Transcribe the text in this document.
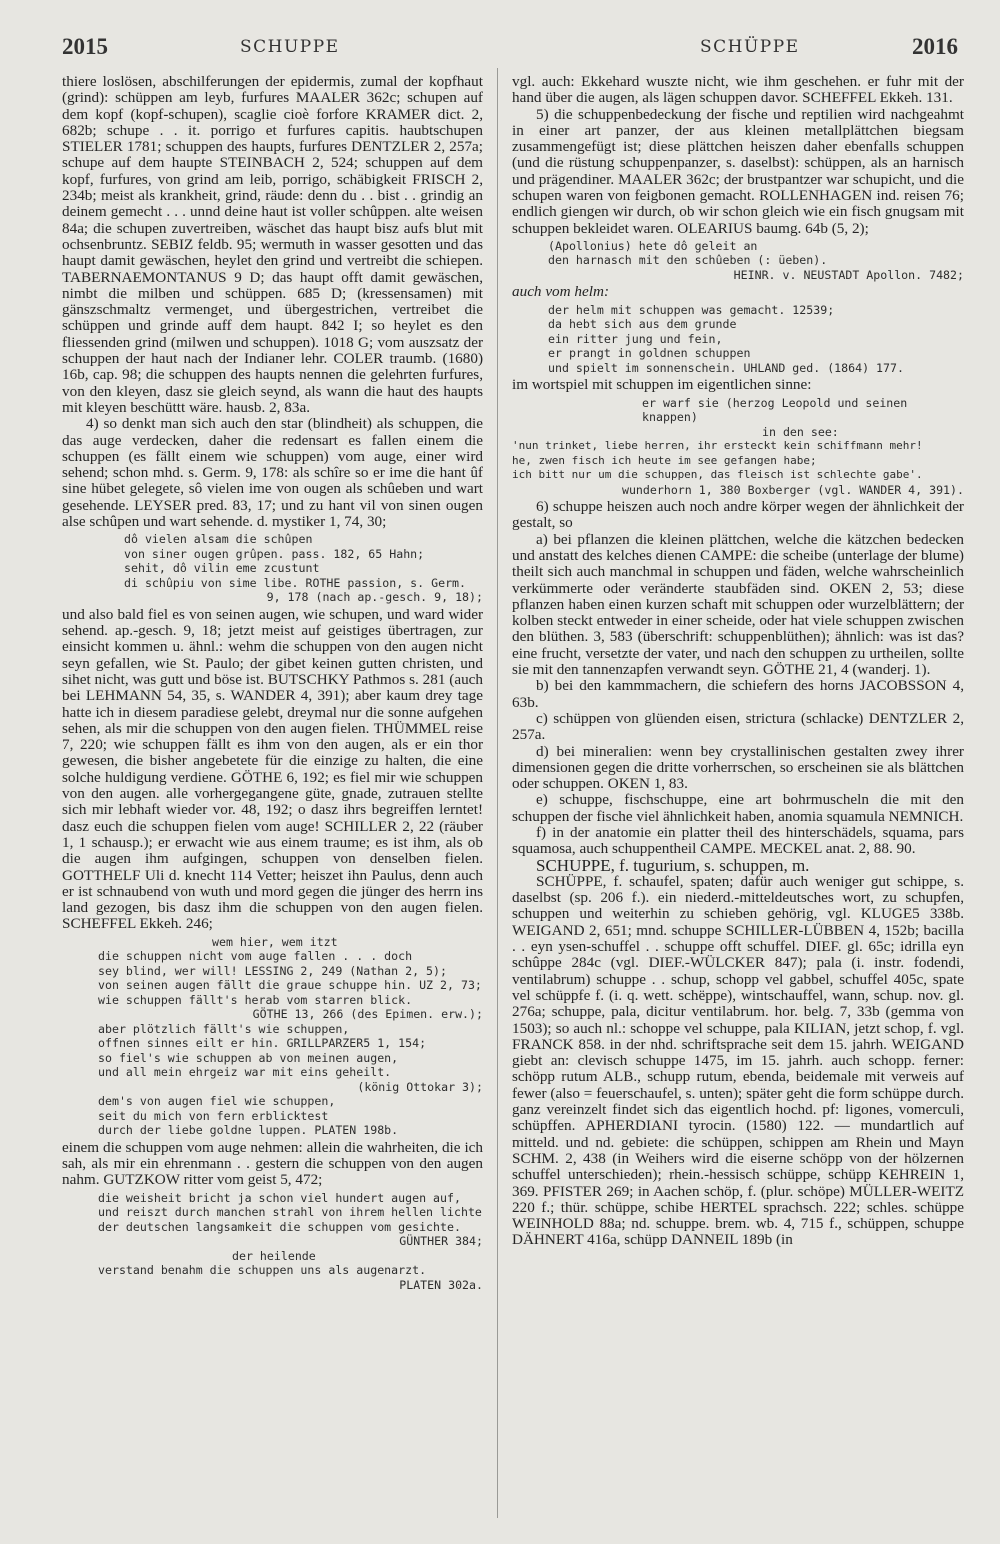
2015	SCHUPPE	SCHÜPPE	2016

thiere loslösen, abschilferungen der epidermis, zumal der kopfhaut (grind): schüppen am leyb, furfures MAALER 362c; schupen auf dem kopf (kopf-schupen), scaglie cioè forfore KRAMER dict. 2, 682b; schupe . . it. porrigo et furfures capitis. haubtschupen STIELER 1781; schuppen des haupts, furfures DENTZLER 2, 257a; schupe auf dem haupte STEINBACH 2, 524; schuppen auf dem kopf, furfures, von grind am leib, porrigo, schäbigkeit FRISCH 2, 234b; meist als krankheit, grind, räude: denn du . . bist . . grindig an deinem gemecht . . . unnd deine haut ist voller schûppen. alte weisen 84a; die schupen zuvertreiben, wäschet das haupt bisz aufs blut mit ochsenbruntz. SEBIZ feldb. 95; wermuth in wasser gesotten und das haupt damit gewäschen, heylet den grind und vertreibt die schiepen. TABERNAEMONTANUS 9 D; das haupt offt damit gewäschen, nimbt die milben und schüppen. 685 D; (kressensamen) mit gänszschmaltz vermenget, und übergestrichen, vertreibet die schüppen und grinde auff dem haupt. 842 I; so heylet es den fliessenden grind (milwen und schuppen). 1018 G; vom auszsatz der schuppen der haut nach der Indianer lehr. COLER traumb. (1680) 16b, cap. 98; die schuppen des haupts nennen die gelehrten furfures, von den kleyen, dasz sie gleich seynd, als wann die haut des haupts mit kleyen beschüttt wäre. hausb. 2, 83a.

4) so denkt man sich auch den star (blindheit) als schuppen, die das auge verdecken, daher die redensart es fallen einem die schuppen (es fällt einem wie schuppen) vom auge, einer wird sehend; schon mhd. s. Germ. 9, 178: als schîre so er ime die hant ûf sine hübet gelegete, sô vielen ime von ougen als schûeben und wart gesehende. LEYSER pred. 83, 17; und zu hant vil von sinen ougen alse schûpen und wart sehende. d. mystiker 1, 74, 30;

dô vielen alsam die schûpen

von siner ougen grûpen. pass. 182, 65 Hahn;

sehit, dô vilin eme zcustunt

di schûpiu von sime libe. ROTHE passion, s. Germ.

9, 178 (nach ap.-gesch. 9, 18);

und also bald fiel es von seinen augen, wie schupen, und ward wider sehend. ap.-gesch. 9, 18; jetzt meist auf geistiges übertragen, zur einsicht kommen u. ähnl.: wehm die schuppen von den augen nicht seyn gefallen, wie St. Paulo; der gibet keinen gutten christen, und sihet nicht, was gutt und böse ist. BUTSCHKY Pathmos s. 281 (auch bei LEHMANN 54, 35, s. WANDER 4, 391); aber kaum drey tage hatte ich in diesem paradiese gelebt, dreymal nur die sonne aufgehen sehen, als mir die schuppen von den augen fielen. THÜMMEL reise 7, 220; wie schuppen fällt es ihm von den augen, als er ein thor gewesen, die bisher angebetete für die einzige zu halten, die eine solche huldigung verdiene. GÖTHE 6, 192; es fiel mir wie schuppen von den augen. alle vorhergegangene güte, gnade, zutrauen stellte sich mir lebhaft wieder vor. 48, 192; o dasz ihrs begreiffen lerntet! dasz euch die schuppen fielen vom auge! SCHILLER 2, 22 (räuber 1, 1 schausp.); er erwacht wie aus einem traume; es ist ihm, als ob die augen ihm aufgingen, schuppen von denselben fielen. GOTTHELF Uli d. knecht 114 Vetter; heiszet ihn Paulus, denn auch er ist schnaubend von wuth und mord gegen die jünger des herrn ins land gezogen, bis dasz ihm die schuppen von den augen fielen. SCHEFFEL Ekkeh. 246;

wem hier, wem itzt

die schuppen nicht vom auge fallen . . . doch

sey blind, wer will! LESSING 2, 249 (Nathan 2, 5);

von seinen augen fällt die graue schuppe hin. UZ 2, 73;

wie schuppen fällt's herab vom starren blick.

GÖTHE 13, 266 (des Epimen. erw.);

aber plötzlich fällt's wie schuppen,

offnen sinnes eilt er hin. GRILLPARZER5 1, 154;

so fiel's wie schuppen ab von meinen augen,

und all mein ehrgeiz war mit eins geheilt.

(könig Ottokar 3);

dem's von augen fiel wie schuppen,

seit du mich von fern erblicktest

durch der liebe goldne luppen. PLATEN 198b.

einem die schuppen vom auge nehmen: allein die wahrheiten, die ich sah, als mir ein ehrenmann . . gestern die schuppen von den augen nahm. GUTZKOW ritter vom geist 5, 472;

die weisheit bricht ja schon viel hundert augen auf,

und reiszt durch manchen strahl von ihrem hellen lichte

der deutschen langsamkeit die schuppen vom gesichte.

GÜNTHER 384;

der heilende

verstand benahm die schuppen uns als augenarzt.

PLATEN 302a.

vgl. auch: Ekkehard wuszte nicht, wie ihm geschehen. er fuhr mit der hand über die augen, als lägen schuppen davor. SCHEFFEL Ekkeh. 131.

5) die schuppenbedeckung der fische und reptilien wird nachgeahmt in einer art panzer, der aus kleinen metallplättchen biegsam zusammengefügt ist; diese plättchen heiszen daher ebenfalls schuppen (und die rüstung schuppenpanzer, s. daselbst): schüppen, als an harnisch und prägendiner. MAALER 362c; der brustpantzer war schupicht, und die schupen waren von feigbonen gemacht. ROLLENHAGEN ind. reisen 76; endlich giengen wir durch, ob wir schon gleich wie ein fisch gnugsam mit schuppen bekleidet waren. OLEARIUS baumg. 64b (5, 2);

(Apollonius) hete dô geleit an

den harnasch mit den schûeben (: üeben).

HEINR. v. NEUSTADT Apollon. 7482;

auch vom helm:

der helm mit schuppen was gemacht. 12539;

da hebt sich aus dem grunde

ein ritter jung und fein,

er prangt in goldnen schuppen

und spielt im sonnenschein. UHLAND ged. (1864) 177.

im wortspiel mit schuppen im eigentlichen sinne:

er warf sie (herzog Leopold und seinen knappen)

in den see:

'nun trinket, liebe herren, ihr ersteckt kein schiffmann mehr!

he, zwen fisch ich heute im see gefangen habe;

ich bitt nur um die schuppen, das fleisch ist schlechte gabe'.

wunderhorn 1, 380 Boxberger (vgl. WANDER 4, 391).

6) schuppe heiszen auch noch andre körper wegen der ähnlichkeit der gestalt, so

a) bei pflanzen die kleinen plättchen, welche die kätzchen bedecken und anstatt des kelches dienen CAMPE: die scheibe (unterlage der blume) theilt sich auch manchmal in schuppen und fäden, welche wahrscheinlich verkümmerte oder veränderte staubfäden sind. OKEN 2, 53; diese pflanzen haben einen kurzen schaft mit schuppen oder wurzelblättern; der kolben steckt entweder in einer scheide, oder hat viele schuppen zwischen den blüthen. 3, 583 (überschrift: schuppenblüthen); ähnlich: was ist das? eine frucht, versetzte der vater, und nach den schuppen zu urtheilen, sollte sie mit den tannenzapfen verwandt seyn. GÖTHE 21, 4 (wanderj. 1).

b) bei den kammmachern, die schiefern des horns JACOBSSON 4, 63b.

c) schüppen von glüenden eisen, strictura (schlacke) DENTZLER 2, 257a.

d) bei mineralien: wenn bey crystallinischen gestalten zwey ihrer dimensionen gegen die dritte vorherrschen, so erscheinen sie als blättchen oder schuppen. OKEN 1, 83.

e) schuppe, fischschuppe, eine art bohrmuscheln die mit den schuppen der fische viel ähnlichkeit haben, anomia squamula NEMNICH.

f) in der anatomie ein platter theil des hinterschädels, squama, pars squamosa, auch schuppentheil CAMPE. MECKEL anat. 2, 88. 90.

SCHUPPE, f. tugurium, s. schuppen, m.

SCHÜPPE, f. schaufel, spaten; dafür auch weniger gut schippe, s. daselbst (sp. 206 f.). ein niederd.-mitteldeutsches wort, zu schupfen, schuppen und weiterhin zu schieben gehörig, vgl. KLUGE5 338b. WEIGAND 2, 651; mnd. schuppe SCHILLER-LÜBBEN 4, 152b; bacilla . . eyn ysen-schuffel . . schuppe offt schuffel. DIEF. gl. 65c; idrilla eyn schûppe 284c (vgl. DIEF.-WÜLCKER 847); pala (i. instr. fodendi, ventilabrum) schuppe . . schup, schopp vel gabbel, schuffel 405c, spate vel schüppfe f. (i. q. wett. schëppe), wintschauffel, wann, schup. nov. gl. 276a; schuppe, pala, dicitur ventilabrum. hor. belg. 7, 33b (gemma von 1503); so auch nl.: schoppe vel schuppe, pala KILIAN, jetzt schop, f. vgl. FRANCK 858. in der nhd. schriftsprache seit dem 15. jahrh. WEIGAND giebt an: clevisch schuppe 1475, im 15. jahrh. auch schopp. ferner: schöpp rutum ALB., schupp rutum, ebenda, beidemale mit verweis auf fewer (also = feuerschaufel, s. unten); später geht die form schüppe durch. ganz vereinzelt findet sich das eigentlich hochd. pf: ligones, vomerculi, schüpffen. APHERDIANI tyrocin. (1580) 122. — mundartlich auf mitteld. und nd. gebiete: die schüppen, schippen am Rhein und Mayn SCHM. 2, 438 (in Weihers wird die eiserne schöpp von der hölzernen schuffel unterschieden); rhein.-hessisch schüppe, schüpp KEHREIN 1, 369. PFISTER 269; in Aachen schöp, f. (plur. schöpe) MÜLLER-WEITZ 220 f.; thür. schüppe, schibe HERTEL sprachsch. 222; schles. schüppe WEINHOLD 88a; nd. schuppe. brem. wb. 4, 715 f., schüppen, schuppe DÄHNERT 416a, schüpp DANNEIL 189b (in
